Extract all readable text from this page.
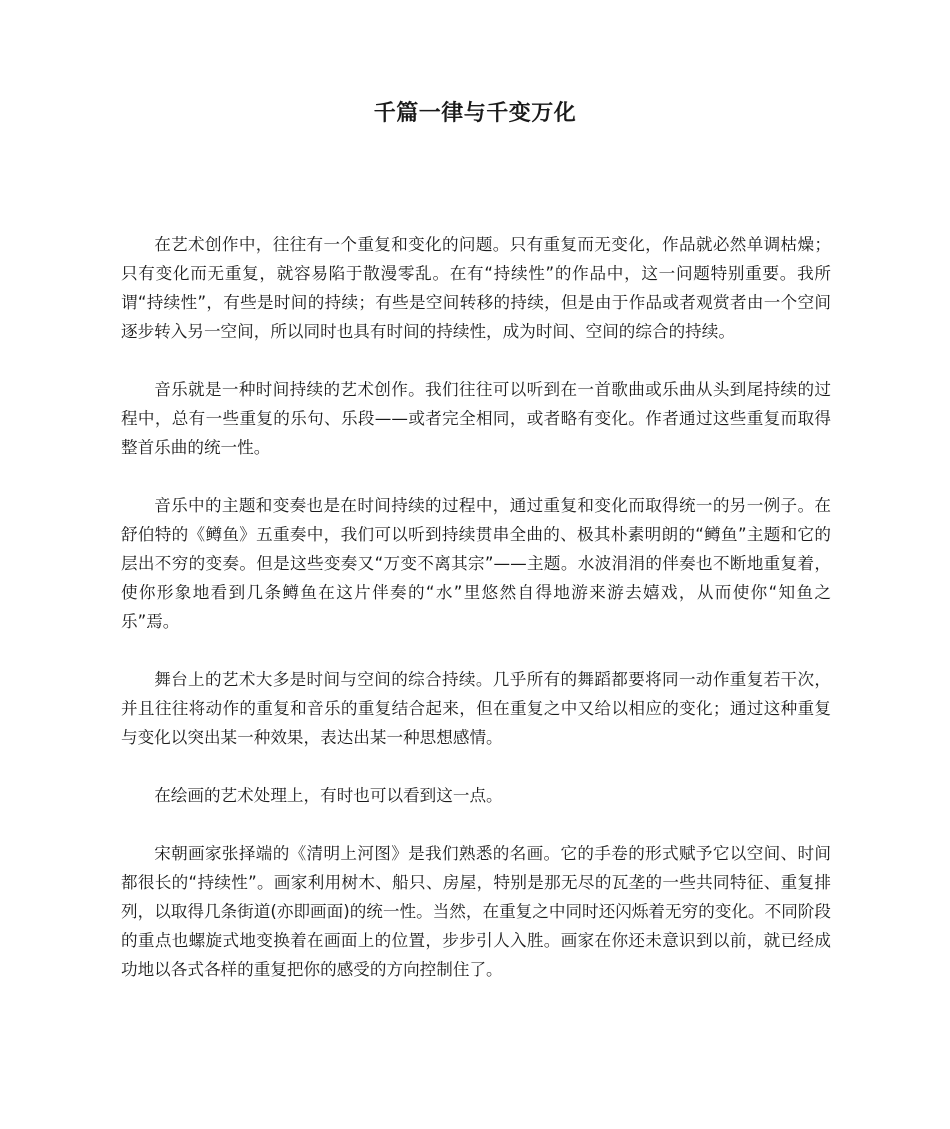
千篇一律与千变万化

在艺术创作中，往往有一个重复和变化的问题。只有重复而无变化，作品就必然单调枯燥；只有变化而无重复，就容易陷于散漫零乱。在有“持续性”的作品中，这一问题特别重要。我所谓“持续性”，有些是时间的持续；有些是空间转移的持续，但是由于作品或者观赏者由一个空间逐步转入另一空间，所以同时也具有时间的持续性，成为时间、空间的综合的持续。

音乐就是一种时间持续的艺术创作。我们往往可以听到在一首歌曲或乐曲从头到尾持续的过程中，总有一些重复的乐句、乐段——或者完全相同，或者略有变化。作者通过这些重复而取得整首乐曲的统一性。

音乐中的主题和变奏也是在时间持续的过程中，通过重复和变化而取得统一的另一例子。在舒伯特的《鳟鱼》五重奏中，我们可以听到持续贯串全曲的、极其朴素明朗的“鳟鱼”主题和它的层出不穷的变奏。但是这些变奏又“万变不离其宗”——主题。水波涓涓的伴奏也不断地重复着，使你形象地看到几条鳟鱼在这片伴奏的“水”里悠然自得地游来游去嬉戏，从而使你“知鱼之乐”焉。

舞台上的艺术大多是时间与空间的综合持续。几乎所有的舞蹈都要将同一动作重复若干次，并且往往将动作的重复和音乐的重复结合起来，但在重复之中又给以相应的变化；通过这种重复与变化以突出某一种效果，表达出某一种思想感情。

在绘画的艺术处理上，有时也可以看到这一点。

宋朝画家张择端的《清明上河图》是我们熟悉的名画。它的手卷的形式赋予它以空间、时间都很长的“持续性”。画家利用树木、船只、房屋，特别是那无尽的瓦垄的一些共同特征、重复排列，以取得几条街道(亦即画面)的统一性。当然，在重复之中同时还闪烁着无穷的变化。不同阶段的重点也螺旋式地变换着在画面上的位置，步步引人入胜。画家在你还未意识到以前，就已经成功地以各式各样的重复把你的感受的方向控制住了。
